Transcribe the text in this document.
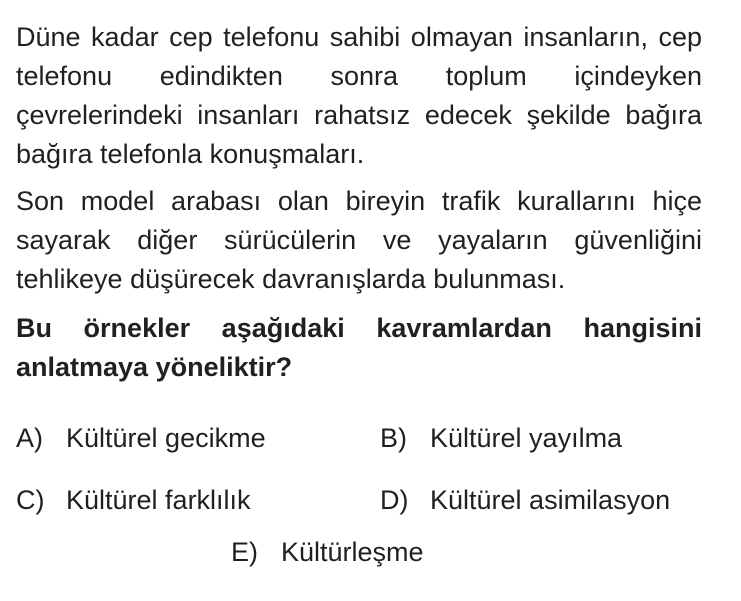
Düne kadar cep telefonu sahibi olmayan insanların, cep telefonu edindikten sonra toplum içindeyken çevrelerindeki insanları rahatsız edecek şekilde bağıra bağıra telefonla konuşmaları.

Son model arabası olan bireyin trafik kurallarını hiçe sayarak diğer sürücülerin ve yayaların güvenliğini tehlikeye düşürecek davranışlarda bulunması.

Bu örnekler aşağıdaki kavramlardan hangisini anlatmaya yöneliktir?

A) Kültürel gecikme	B) Kültürel yayılma
C) Kültürel farklılık	D) Kültürel asimilasyon
E) Kültürleşme
